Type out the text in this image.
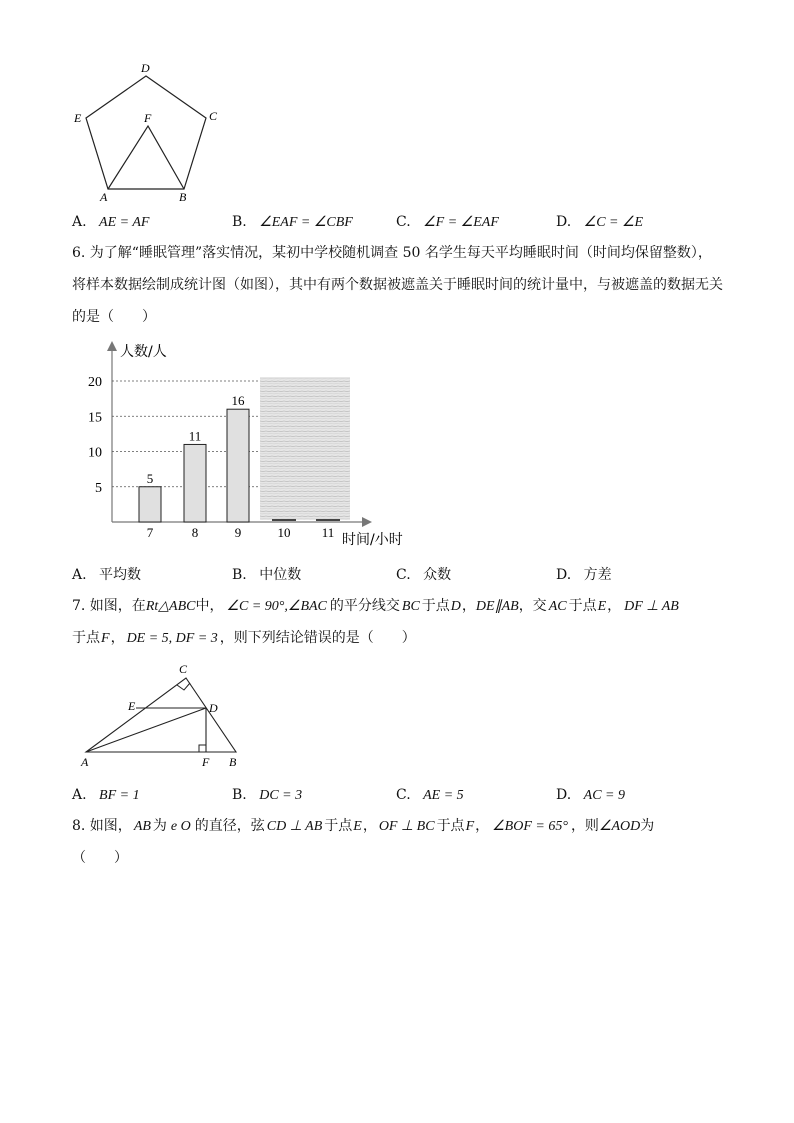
D
E	F	C
A	B
A. AE = AF	B. ∠EAF = ∠CBF	C. ∠F = ∠EAF	D. ∠C = ∠E
6. 为了解“睡眠管理”落实情况，某初中学校随机调查 50 名学生每天平均睡眠时间（时间均保留整数），
将样本数据绘制成统计图（如图），其中有两个数据被遮盖关于睡眠时间的统计量中，与被遮盖的数据无关
的是（　　）
人数/人
时间/小时
5
10
15
20
5
11
16
7	8	9	10 11
A. 平均数	B. 中位数	C. 众数	D. 方差
7. 如图，在Rt△ABC中， ∠C = 90°,∠BAC 的平分线交 BC 于点D，DE∥AB，交 AC 于点E， DF ⊥ AB
于点F， DE = 5, DF = 3 ，则下列结论错误的是（　　）
C
E	D
A	F B
A. BF = 1	B. DC = 3	C. AE = 5	D. AC = 9
8. 如图， AB 为 e O 的直径，弦 CD ⊥ AB 于点E， OF ⊥ BC 于点F， ∠BOF = 65° ，则∠AOD为
（　　）
